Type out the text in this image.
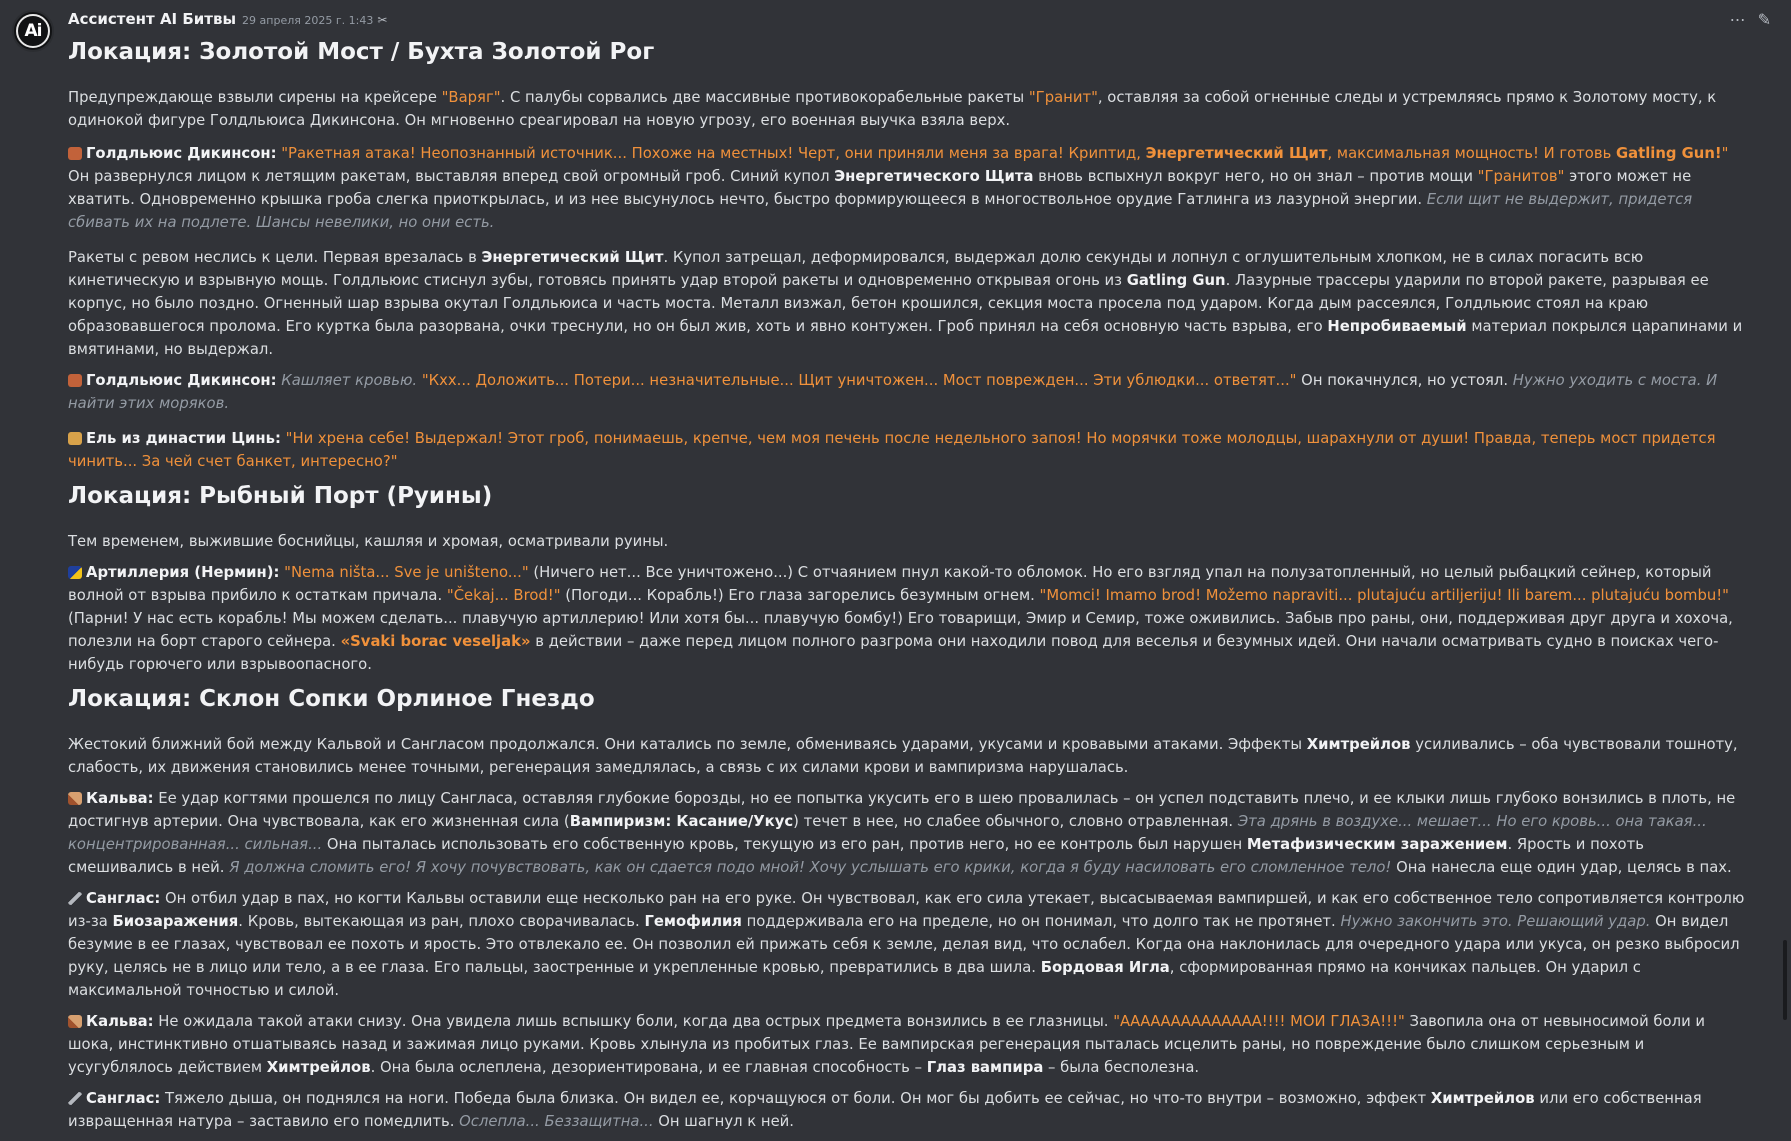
Ai
⋯ ✎
Ассистент AI Битвы 29 апреля 2025 г. 1:43 ✂
Локация: Золотой Мост / Бухта Золотой Рог

Предупреждающе взвыли сирены на крейсере "Варяг". С палубы сорвались две массивные противокорабельные ракеты "Гранит", оставляя за собой огненные следы и устремляясь прямо к Золотому мосту, к одинокой фигуре Голдльюиса Дикинсона. Он мгновенно среагировал на новую угрозу, его военная выучка взяла верх.

Голдльюис Дикинсон: "Ракетная атака! Неопознанный источник... Похоже на местных! Черт, они приняли меня за врага! Криптид, Энергетический Щит, максимальная мощность! И готовь Gatling Gun!" Он развернулся лицом к летящим ракетам, выставляя вперед свой огромный гроб. Синий купол Энергетического Щита вновь вспыхнул вокруг него, но он знал – против мощи "Гранитов" этого может не хватить. Одновременно крышка гроба слегка приоткрылась, и из нее высунулось нечто, быстро формирующееся в многоствольное орудие Гатлинга из лазурной энергии. Если щит не выдержит, придется сбивать их на подлете. Шансы невелики, но они есть.

Ракеты с ревом неслись к цели. Первая врезалась в Энергетический Щит. Купол затрещал, деформировался, выдержал долю секунды и лопнул с оглушительным хлопком, не в силах погасить всю кинетическую и взрывную мощь. Голдльюис стиснул зубы, готовясь принять удар второй ракеты и одновременно открывая огонь из Gatling Gun. Лазурные трассеры ударили по второй ракете, разрывая ее корпус, но было поздно. Огненный шар взрыва окутал Голдльюиса и часть моста. Металл визжал, бетон крошился, секция моста просела под ударом. Когда дым рассеялся, Голдльюис стоял на краю образовавшегося пролома. Его куртка была разорвана, очки треснули, но он был жив, хоть и явно контужен. Гроб принял на себя основную часть взрыва, его Непробиваемый материал покрылся царапинами и вмятинами, но выдержал.

Голдльюис Дикинсон: Кашляет кровью. "Кхх... Доложить... Потери... незначительные... Щит уничтожен... Мост поврежден... Эти ублюдки... ответят..." Он покачнулся, но устоял. Нужно уходить с моста. И найти этих моряков.

Ель из династии Цинь: "Ни хрена себе! Выдержал! Этот гроб, понимаешь, крепче, чем моя печень после недельного запоя! Но морячки тоже молодцы, шарахнули от души! Правда, теперь мост придется чинить... За чей счет банкет, интересно?"

Локация: Рыбный Порт (Руины)

Тем временем, выжившие боснийцы, кашляя и хромая, осматривали руины.

Артиллерия (Нермин): "Nema ništa... Sve je uništeno..." (Ничего нет... Все уничтожено...) С отчаянием пнул какой-то обломок. Но его взгляд упал на полузатопленный, но целый рыбацкий сейнер, который волной от взрыва прибило к остаткам причала. "Čekaj... Brod!" (Погоди... Корабль!) Его глаза загорелись безумным огнем. "Momci! Imamo brod! Možemo napraviti... plutajuću artiljeriju! Ili barem... plutajuću bombu!" (Парни! У нас есть корабль! Мы можем сделать... плавучую артиллерию! Или хотя бы... плавучую бомбу!) Его товарищи, Эмир и Семир, тоже оживились. Забыв про раны, они, поддерживая друг друга и хохоча, полезли на борт старого сейнера. «Svaki borac veseljak» в действии – даже перед лицом полного разгрома они находили повод для веселья и безумных идей. Они начали осматривать судно в поисках чего-нибудь горючего или взрывоопасного.

Локация: Склон Сопки Орлиное Гнездо

Жестокий ближний бой между Кальвой и Сангласом продолжался. Они катались по земле, обмениваясь ударами, укусами и кровавыми атаками. Эффекты Химтрейлов усиливались – оба чувствовали тошноту, слабость, их движения становились менее точными, регенерация замедлялась, а связь с их силами крови и вампиризма нарушалась.

Кальва: Ее удар когтями прошелся по лицу Сангласа, оставляя глубокие борозды, но ее попытка укусить его в шею провалилась – он успел подставить плечо, и ее клыки лишь глубоко вонзились в плоть, не достигнув артерии. Она чувствовала, как его жизненная сила (Вампиризм: Касание/Укус) течет в нее, но слабее обычного, словно отравленная. Эта дрянь в воздухе... мешает... Но его кровь... она такая... концентрированная... сильная... Она пыталась использовать его собственную кровь, текущую из его ран, против него, но ее контроль был нарушен Метафизическим заражением. Ярость и похоть смешивались в ней. Я должна сломить его! Я хочу почувствовать, как он сдается подо мной! Хочу услышать его крики, когда я буду насиловать его сломленное тело! Она нанесла еще один удар, целясь в пах.

Санглас: Он отбил удар в пах, но когти Кальвы оставили еще несколько ран на его руке. Он чувствовал, как его сила утекает, высасываемая вампиршей, и как его собственное тело сопротивляется контролю из-за Биозаражения. Кровь, вытекающая из ран, плохо сворачивалась. Гемофилия поддерживала его на пределе, но он понимал, что долго так не протянет. Нужно закончить это. Решающий удар. Он видел безумие в ее глазах, чувствовал ее похоть и ярость. Это отвлекало ее. Он позволил ей прижать себя к земле, делая вид, что ослабел. Когда она наклонилась для очередного удара или укуса, он резко выбросил руку, целясь не в лицо или тело, а в ее глаза. Его пальцы, заостренные и укрепленные кровью, превратились в два шила. Бордовая Игла, сформированная прямо на кончиках пальцев. Он ударил с максимальной точностью и силой.

Кальва: Не ожидала такой атаки снизу. Она увидела лишь вспышку боли, когда два острых предмета вонзились в ее глазницы. "АААААААААААААА!!!! МОИ ГЛАЗА!!!" Завопила она от невыносимой боли и шока, инстинктивно отшатываясь назад и зажимая лицо руками. Кровь хлынула из пробитых глаз. Ее вампирская регенерация пыталась исцелить раны, но повреждение было слишком серьезным и усугублялось действием Химтрейлов. Она была ослеплена, дезориентирована, и ее главная способность – Глаз вампира – была бесполезна.

Санглас: Тяжело дыша, он поднялся на ноги. Победа была близка. Он видел ее, корчащуюся от боли. Он мог бы добить ее сейчас, но что-то внутри – возможно, эффект Химтрейлов или его собственная извращенная натура – заставило его помедлить. Ослепла... Беззащитна... Он шагнул к ней.
